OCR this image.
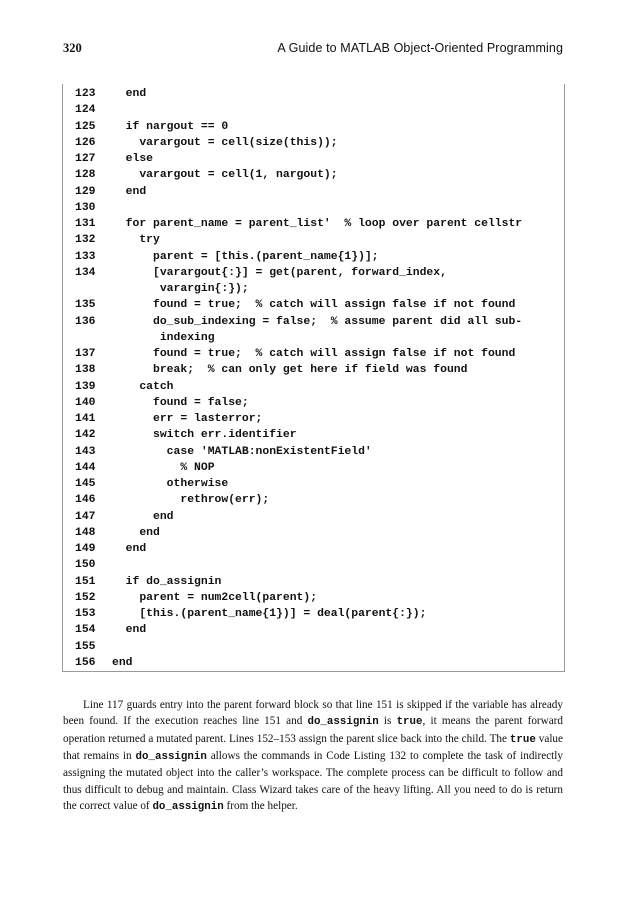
320	A Guide to MATLAB Object-Oriented Programming
123	end
124
125	if nargout == 0
126	varargout = cell(size(this));
127	else
128	varargout = cell(1, nargout);
129	end
130
131	for parent_name = parent_list'  % loop over parent cellstr
132	try
133	parent = [this.(parent_name{1})];
134	[varargout{:}] = get(parent, forward_index,
varargin{:});
135	found = true;  % catch will assign false if not found
136	do_sub_indexing = false;  % assume parent did all sub-
indexing
137	found = true;  % catch will assign false if not found
138	break;  % can only get here if field was found
139	catch
140	found = false;
141	err = lasterror;
142	switch err.identifier
143	case 'MATLAB:nonExistentField'
144	% NOP
145	otherwise
146	rethrow(err);
147	end
148	end
149	end
150
151	if do_assignin
152	parent = num2cell(parent);
153	[this.(parent_name{1})] = deal(parent{:});
154	end
155
156	end

Line 117 guards entry into the parent forward block so that line 151 is skipped if the variable has already been found. If the execution reaches line 151 and do_assignin is true, it means the parent forward operation returned a mutated parent. Lines 152–153 assign the parent slice back into the child. The true value that remains in do_assignin allows the commands in Code Listing 132 to complete the task of indirectly assigning the mutated object into the caller’s workspace. The complete process can be difficult to follow and thus difficult to debug and maintain. Class Wizard takes care of the heavy lifting. All you need to do is return the correct value of do_assignin from the helper.
